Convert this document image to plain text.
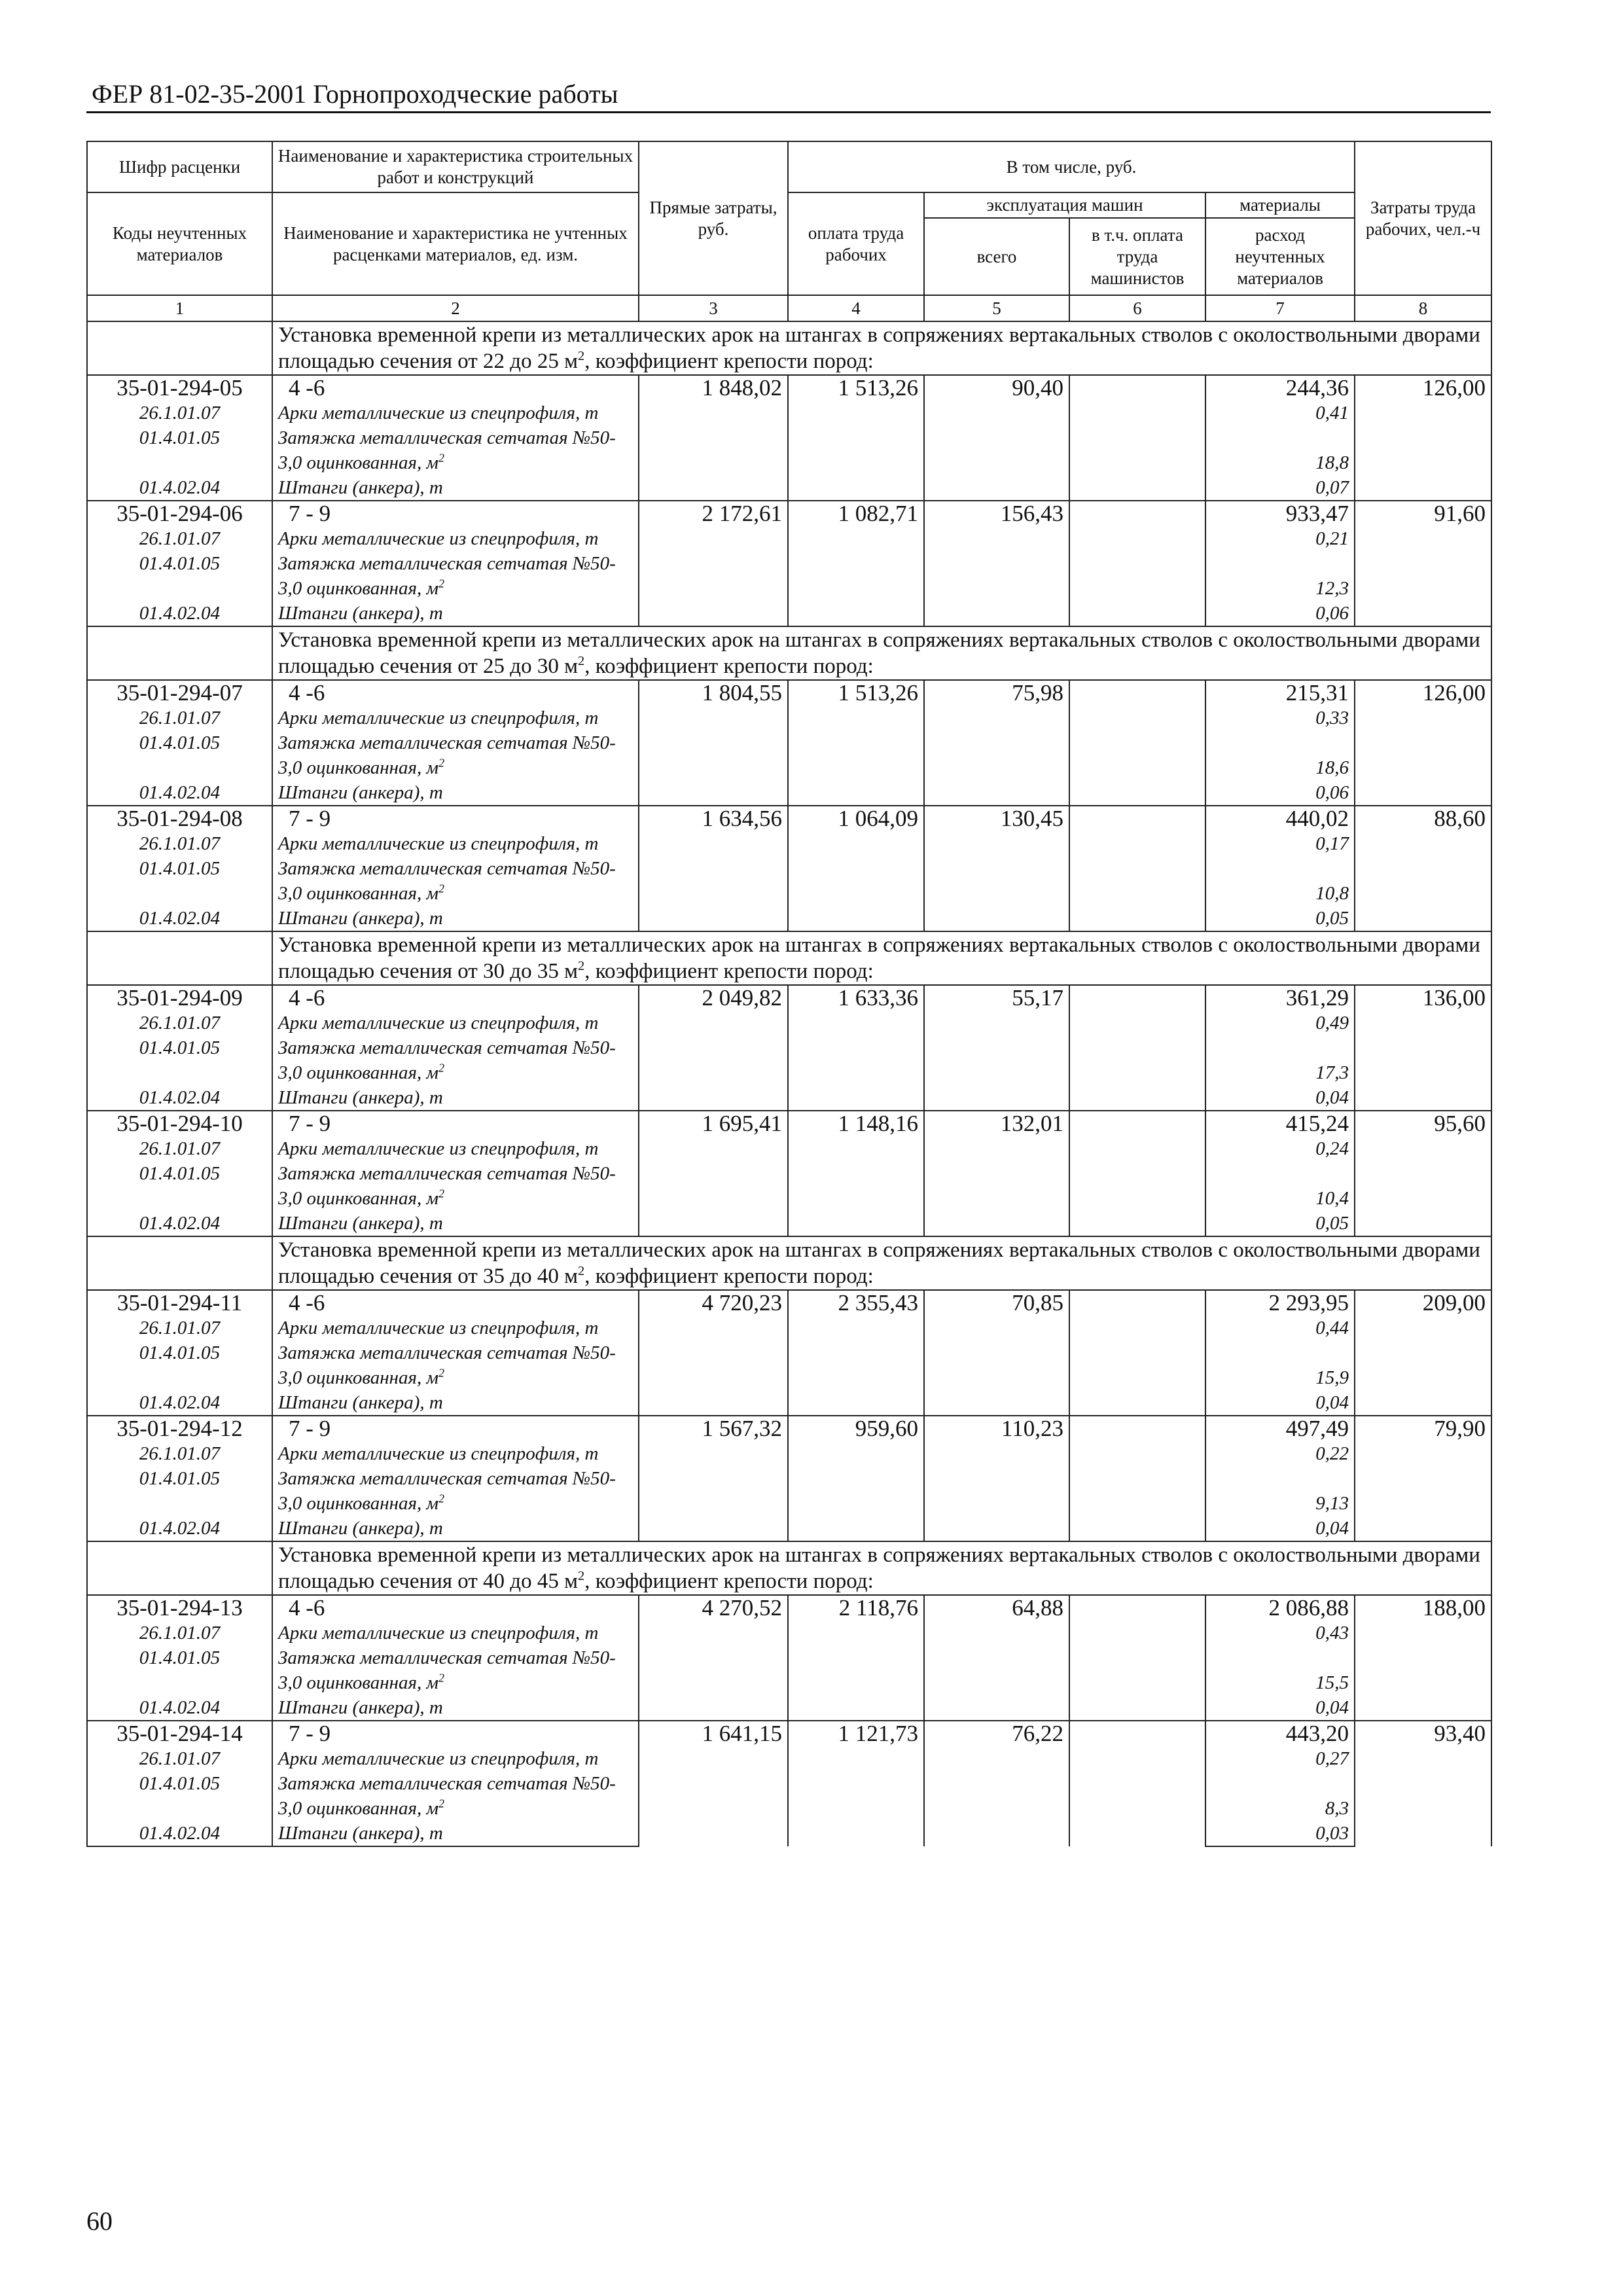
ФЕР 81-02-35-2001 Горнопроходческие работы
Шифр расценки	Наименование и характеристика строительных работ и конструкций	Прямые затраты, руб.	В том числе, руб.				Затраты труда рабочих, чел.-ч
Коды неучтенных материалов	Наименование и характеристика не учтенных расценками материалов, ед. изм.		оплата труда рабочих	эксплуатация машин		материалы	
				всего	в т.ч. оплата труда машинистов	расход неучтенных материалов	
1	2	3	4	5	6	7	8
	Установка временной крепи из металлических арок на штангах в сопряжениях вертакальных стволов с околоствольными дворами площадью сечения от 22 до 25 $м^2$, коэффициент крепости пород:						
35-01-294-05	4 -6	1 848,02	1 513,26	90,40		244,36	126,00
26.1.01.07	Арки металлические из спецпрофиля, т					0,41	
01.4.01.05	Затяжка металлическая сетчатая №50-3,0 оцинкованная, $м^2$					18,8	
01.4.02.04	Штанги (анкера), т					0,07	
35-01-294-06	7 - 9	2 172,61	1 082,71	156,43		933,47	91,60
26.1.01.07	Арки металлические из спецпрофиля, т					0,21	
01.4.01.05	Затяжка металлическая сетчатая №50-3,0 оцинкованная, $м^2$					12,3	
01.4.02.04	Штанги (анкера), т					0,06	
	Установка временной крепи из металлических арок на штангах в сопряжениях вертакальных стволов с околоствольными дворами площадью сечения от 25 до 30 $м^2$, коэффициент крепости пород:						
35-01-294-07	4 -6	1 804,55	1 513,26	75,98		215,31	126,00
26.1.01.07	Арки металлические из спецпрофиля, т					0,33	
01.4.01.05	Затяжка металлическая сетчатая №50-3,0 оцинкованная, $м^2$					18,6	
01.4.02.04	Штанги (анкера), т					0,06	
35-01-294-08	7 - 9	1 634,56	1 064,09	130,45		440,02	88,60
26.1.01.07	Арки металлические из спецпрофиля, т					0,17	
01.4.01.05	Затяжка металлическая сетчатая №50-3,0 оцинкованная, $м^2$					10,8	
01.4.02.04	Штанги (анкера), т					0,05	
	Установка временной крепи из металлических арок на штангах в сопряжениях вертакальных стволов с околоствольными дворами площадью сечения от 30 до 35 $м^2$, коэффициент крепости пород:						
35-01-294-09	4 -6	2 049,82	1 633,36	55,17		361,29	136,00
26.1.01.07	Арки металлические из спецпрофиля, т					0,49	
01.4.01.05	Затяжка металлическая сетчатая №50-3,0 оцинкованная, $м^2$					17,3	
01.4.02.04	Штанги (анкера), т					0,04	
35-01-294-10	7 - 9	1 695,41	1 148,16	132,01		415,24	95,60
26.1.01.07	Арки металлические из спецпрофиля, т					0,24	
01.4.01.05	Затяжка металлическая сетчатая №50-3,0 оцинкованная, $м^2$					10,4	
01.4.02.04	Штанги (анкера), т					0,05	
	Установка временной крепи из металлических арок на штангах в сопряжениях вертакальных стволов с околоствольными дворами площадью сечения от 35 до 40 $м^2$, коэффициент крепости пород:						
35-01-294-11	4 -6	4 720,23	2 355,43	70,85		2 293,95	209,00
26.1.01.07	Арки металлические из спецпрофиля, т					0,44	
01.4.01.05	Затяжка металлическая сетчатая №50-3,0 оцинкованная, $м^2$					15,9	
01.4.02.04	Штанги (анкера), т					0,04	
35-01-294-12	7 - 9	1 567,32	959,60	110,23		497,49	79,90
26.1.01.07	Арки металлические из спецпрофиля, т					0,22	
01.4.01.05	Затяжка металлическая сетчатая №50-3,0 оцинкованная, $м^2$					9,13	
01.4.02.04	Штанги (анкера), т					0,04	
	Установка временной крепи из металлических арок на штангах в сопряжениях вертакальных стволов с околоствольными дворами площадью сечения от 40 до 45 $м^2$, коэффициент крепости пород:						
35-01-294-13	4 -6	4 270,52	2 118,76	64,88		2 086,88	188,00
26.1.01.07	Арки металлические из спецпрофиля, т					0,43	
01.4.01.05	Затяжка металлическая сетчатая №50-3,0 оцинкованная, $м^2$					15,5	
01.4.02.04	Штанги (анкера), т					0,04	
35-01-294-14	7 - 9	1 641,15	1 121,73	76,22		443,20	93,40
26.1.01.07	Арки металлические из спецпрофиля, т					0,27	
01.4.01.05	Затяжка металлическая сетчатая №50-3,0 оцинкованная, $м^2$					8,3	
01.4.02.04	Штанги (анкера), т					0,03	
60
